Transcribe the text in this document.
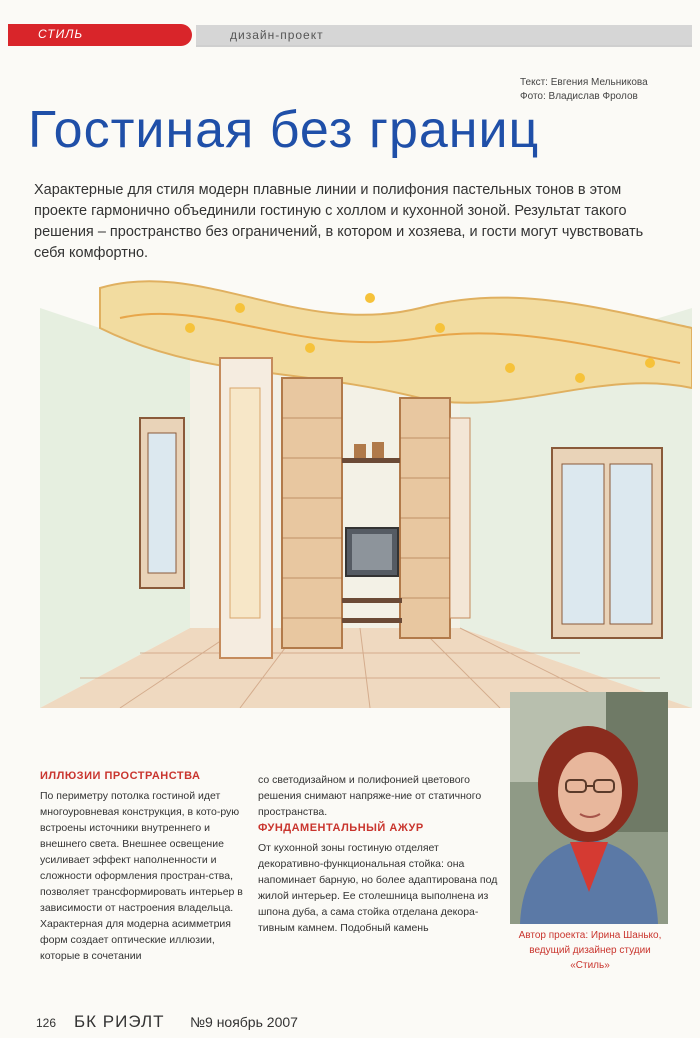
СТИЛЬ	дизайн-проект
Текст: Евгения Мельникова
Фото: Владислав Фролов
Гостиная без границ
Характерные для стиля модерн плавные линии и полифония пастельных тонов в этом проекте гармонично объединили гостиную с холлом и кухонной зоной. Результат такого решения – пространство без ограничений, в котором и хозяева, и гости могут чувствовать себя комфортно.
Автор проекта: Ирина Шанько, ведущий дизайнер студии «Стиль»
ИЛЛЮЗИИ ПРОСТРАНСТВА
По периметру потолка гостиной идет многоуровневая конструкция, в кото-рую встроены источники внутреннего и внешнего света. Внешнее освещение усиливает эффект наполненности и сложности оформления простран-ства, позволяет трансформировать интерьер в зависимости от настроения владельца. Характерная для модерна асимметрия форм создает оптические иллюзии, которые в сочетании
со светодизайном и полифонией цветового решения снимают напряже-ние от статичного пространства.
ФУНДАМЕНТАЛЬНЫЙ АЖУР
От кухонной зоны гостиную отделяет декоративно-функциональная стойка: она напоминает барную, но более адаптирована под жилой интерьер. Ее столешница выполнена из шпона дуба, а сама стойка отделана декора-тивным камнем. Подобный камень
126 БК РИЭЛТ №9 ноябрь 2007
